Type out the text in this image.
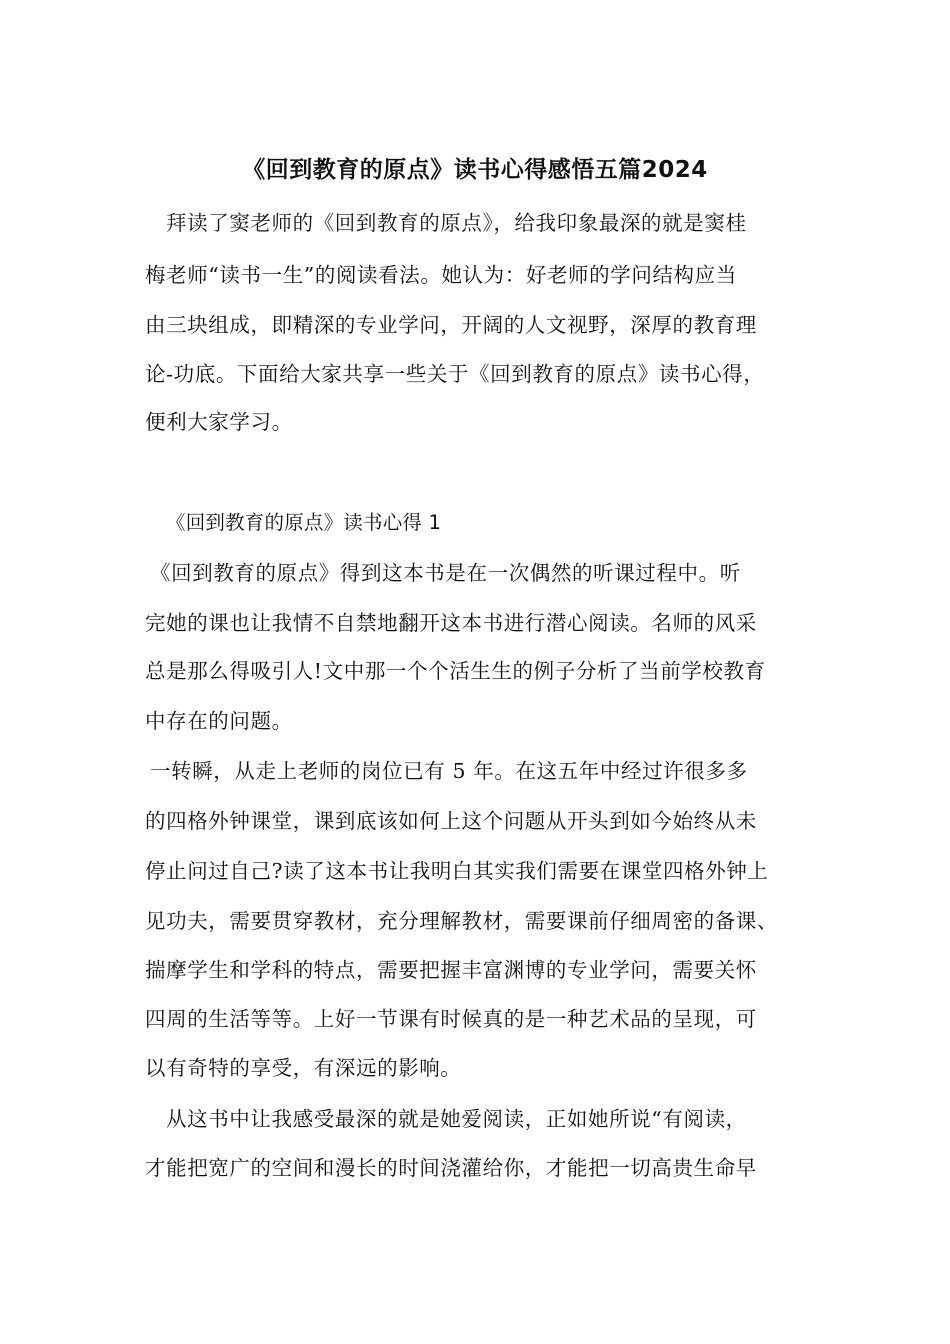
《回到教育的原点》读书心得感悟五篇2024
拜读了窦老师的《回到教育的原点》，给我印象最深的就是窦桂
梅老师“读书一生”的阅读看法。她认为：好老师的学问结构应当
由三块组成，即精深的专业学问，开阔的人文视野，深厚的教育理
论-功底。下面给大家共享一些关于《回到教育的原点》读书心得，
便利大家学习。
《回到教育的原点》读书心得 1
《回到教育的原点》得到这本书是在一次偶然的听课过程中。听
完她的课也让我情不自禁地翻开这本书进行潜心阅读。名师的风采
总是那么得吸引人!文中那一个个活生生的例子分析了当前学校教育
中存在的问题。
一转瞬，从走上老师的岗位已有 5 年。在这五年中经过许很多多
的四格外钟课堂，课到底该如何上这个问题从开头到如今始终从未
停止问过自己?读了这本书让我明白其实我们需要在课堂四格外钟上
见功夫，需要贯穿教材，充分理解教材，需要课前仔细周密的备课、
揣摩学生和学科的特点，需要把握丰富渊博的专业学问，需要关怀
四周的生活等等。上好一节课有时候真的是一种艺术品的呈现，可
以有奇特的享受，有深远的影响。
从这书中让我感受最深的就是她爱阅读，正如她所说“有阅读，
才能把宽广的空间和漫长的时间浇灌给你，才能把一切高贵生命早
